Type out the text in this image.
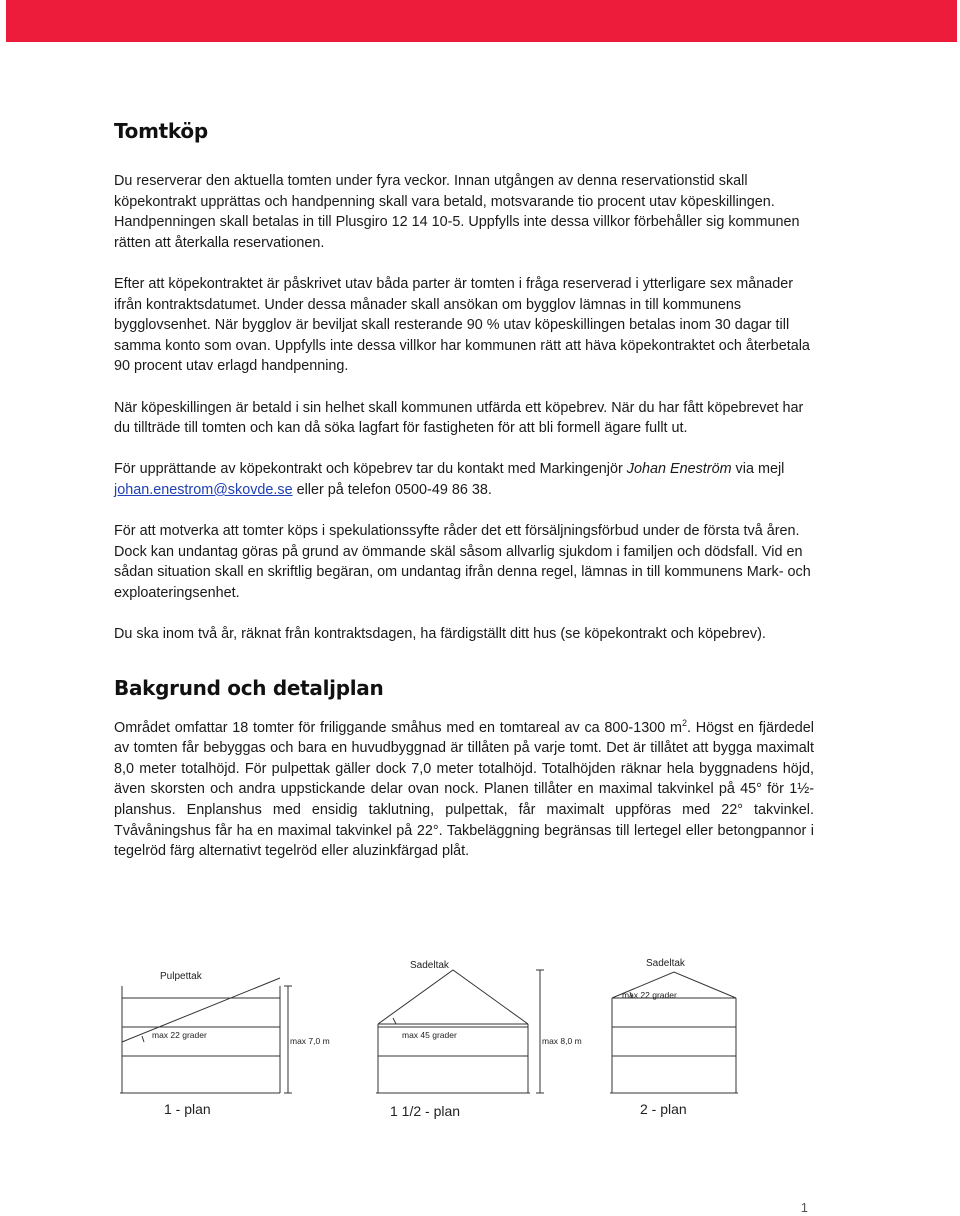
Tomtköp

Du reserverar den aktuella tomten under fyra veckor. Innan utgången av denna reservationstid skall köpekontrakt upprättas och handpenning skall vara betald, motsvarande tio procent utav köpeskillingen. Handpenningen skall betalas in till Plusgiro 12 14 10-5. Uppfylls inte dessa villkor förbehåller sig kommunen rätten att återkalla reservationen.

Efter att köpekontraktet är påskrivet utav båda parter är tomten i fråga reserverad i ytterligare sex månader ifrån kontraktsdatumet. Under dessa månader skall ansökan om bygglov lämnas in till kommunens bygglovsenhet. När bygglov är beviljat skall resterande 90 % utav köpeskillingen betalas inom 30 dagar till samma konto som ovan. Uppfylls inte dessa villkor har kommunen rätt att häva köpekontraktet och återbetala 90 procent utav erlagd handpenning.

När köpeskillingen är betald i sin helhet skall kommunen utfärda ett köpebrev. När du har fått köpebrevet har du tillträde till tomten och kan då söka lagfart för fastigheten för att bli formell ägare fullt ut.

För upprättande av köpekontrakt och köpebrev tar du kontakt med Markingenjör Johan Eneström via mejl johan.enestrom@skovde.se eller på telefon 0500-49 86 38.

För att motverka att tomter köps i spekulationssyfte råder det ett försäljningsförbud under de första två åren. Dock kan undantag göras på grund av ömmande skäl såsom allvarlig sjukdom i familjen och dödsfall. Vid en sådan situation skall en skriftlig begäran, om undantag ifrån denna regel, lämnas in till kommunens Mark- och exploateringsenhet.

Du ska inom två år, räknat från kontraktsdagen, ha färdigställt ditt hus (se köpekontrakt och köpebrev).

Bakgrund och detaljplan

Området omfattar 18 tomter för friliggande småhus med en tomtareal av ca 800-1300 $m^2$. Högst en fjärdedel av tomten får bebyggas och bara en huvudbyggnad är tillåten på varje tomt. Det är tillåtet att bygga maximalt 8,0 meter totalhöjd. För pulpettak gäller dock 7,0 meter totalhöjd. Totalhöjden räknar hela byggnadens höjd, även skorsten och andra uppstickande delar ovan nock. Planen tillåter en maximal takvinkel på 45° för 1½-planshus. Enplanshus med ensidig taklutning, pulpettak, får maximalt uppföras med 22° takvinkel. Tvåvåningshus får ha en maximal takvinkel på 22°. Takbeläggning begränsas till lertegel eller betongpannor i tegelröd färg alternativt tegelröd eller aluzinkfärgad plåt.

Pulpettak
max 22 grader
max 7,0 m
1 - plan
Sadeltak
max 45 grader
max 8,0 m
1 1/2 - plan
Sadeltak
max 22 grader
2 - plan
1
